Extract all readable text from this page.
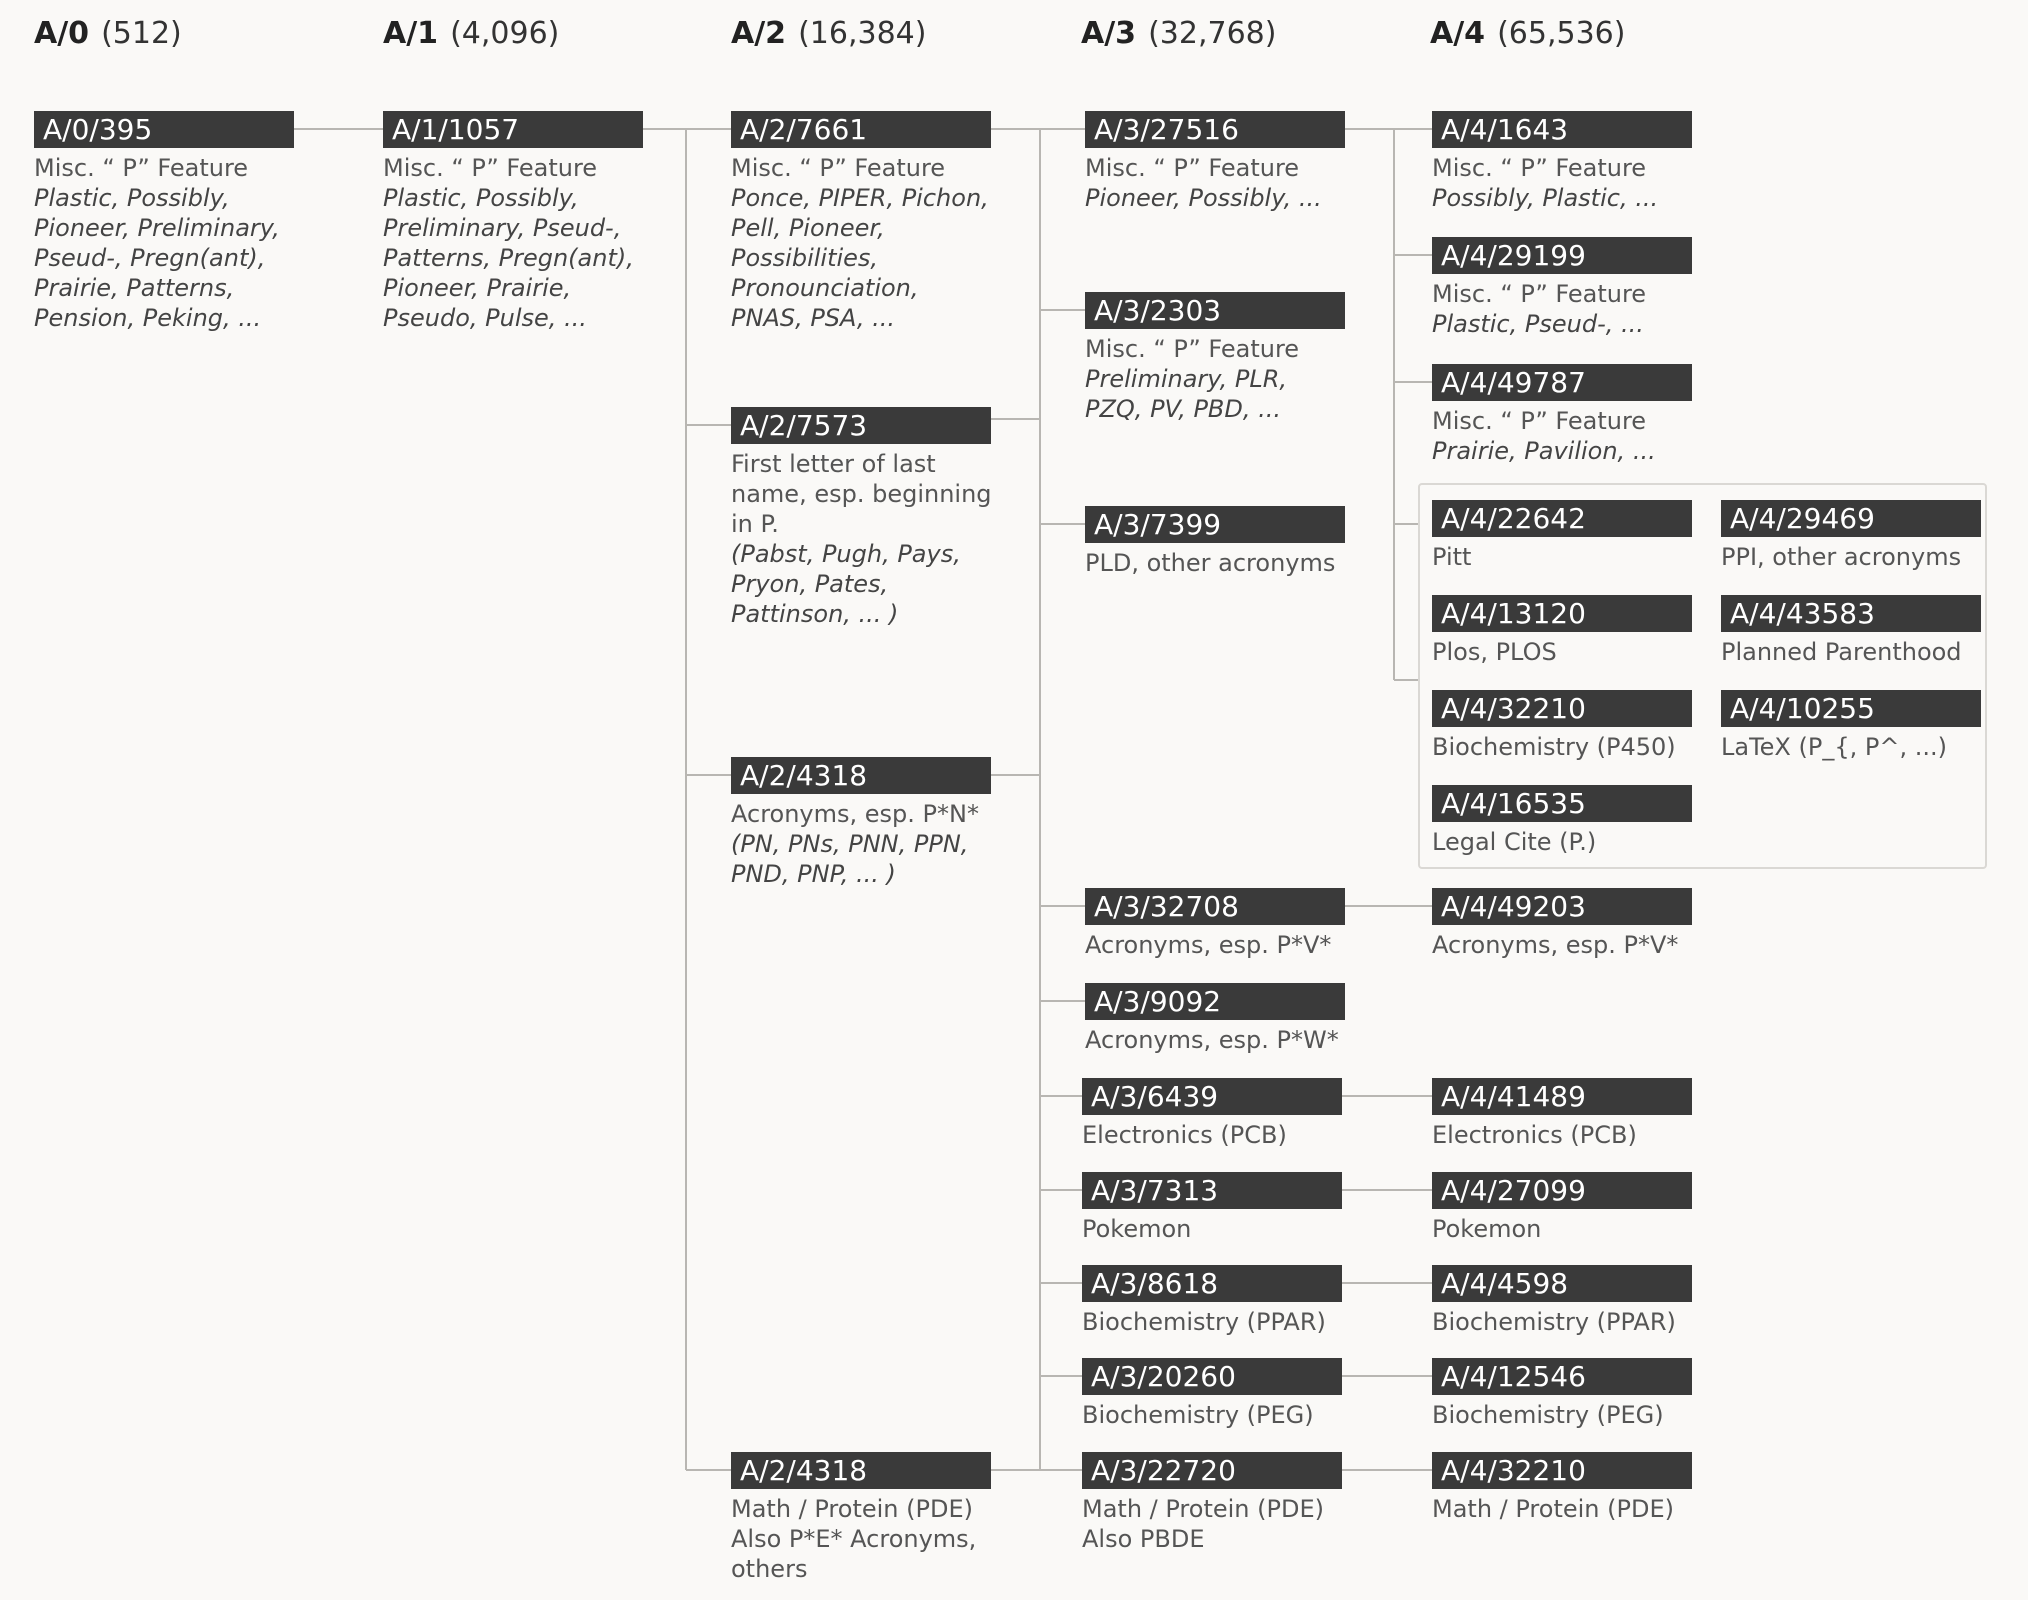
A/0 (512)	A/1 (4,096)	A/2 (16,384)	A/3 (32,768)	A/4 (65,536)
A/0/395
Misc. “ P” Feature
Plastic, Possibly,
Pioneer, Preliminary,
Pseud-, Pregn(ant),
Prairie, Patterns,
Pension, Peking, ...
A/1/1057
Misc. “ P” Feature
Plastic, Possibly,
Preliminary, Pseud-,
Patterns, Pregn(ant),
Pioneer, Prairie,
Pseudo, Pulse, ...
A/2/7661
Misc. “ P” Feature
Ponce, PIPER, Pichon,
Pell, Pioneer,
Possibilities,
Pronounciation,
PNAS, PSA, ...
A/2/7573
First letter of last
name, esp. beginning
in P.
(Pabst, Pugh, Pays,
Pryon, Pates,
Pattinson, ... )
A/2/4318
Acronyms, esp. P*N*
(PN, PNs, PNN, PPN,
PND, PNP, ... )
A/2/4318
Math / Protein (PDE)
Also P*E* Acronyms,
others
A/3/27516
Misc. “ P” Feature
Pioneer, Possibly, ...
A/3/2303
Misc. “ P” Feature
Preliminary, PLR,
PZQ, PV, PBD, ...
A/3/7399
PLD, other acronyms
A/3/32708
Acronyms, esp. P*V*
A/3/9092
Acronyms, esp. P*W*
A/3/6439
Electronics (PCB)
A/3/7313
Pokemon
A/3/8618
Biochemistry (PPAR)
A/3/20260
Biochemistry (PEG)
A/3/22720
Math / Protein (PDE)
Also PBDE
A/4/1643
Misc. “ P” Feature
Possibly, Plastic, ...
A/4/29199
Misc. “ P” Feature
Plastic, Pseud-, ...
A/4/49787
Misc. “ P” Feature
Prairie, Pavilion, ...
A/4/22642
Pitt
A/4/29469
PPI, other acronyms
A/4/13120
Plos, PLOS
A/4/43583
Planned Parenthood
A/4/32210
Biochemistry (P450)
A/4/10255
LaTeX (P_{, P^, ...)
A/4/16535
Legal Cite (P.)
A/4/49203
Acronyms, esp. P*V*
A/4/41489
Electronics (PCB)
A/4/27099
Pokemon
A/4/4598
Biochemistry (PPAR)
A/4/12546
Biochemistry (PEG)
A/4/32210
Math / Protein (PDE)
